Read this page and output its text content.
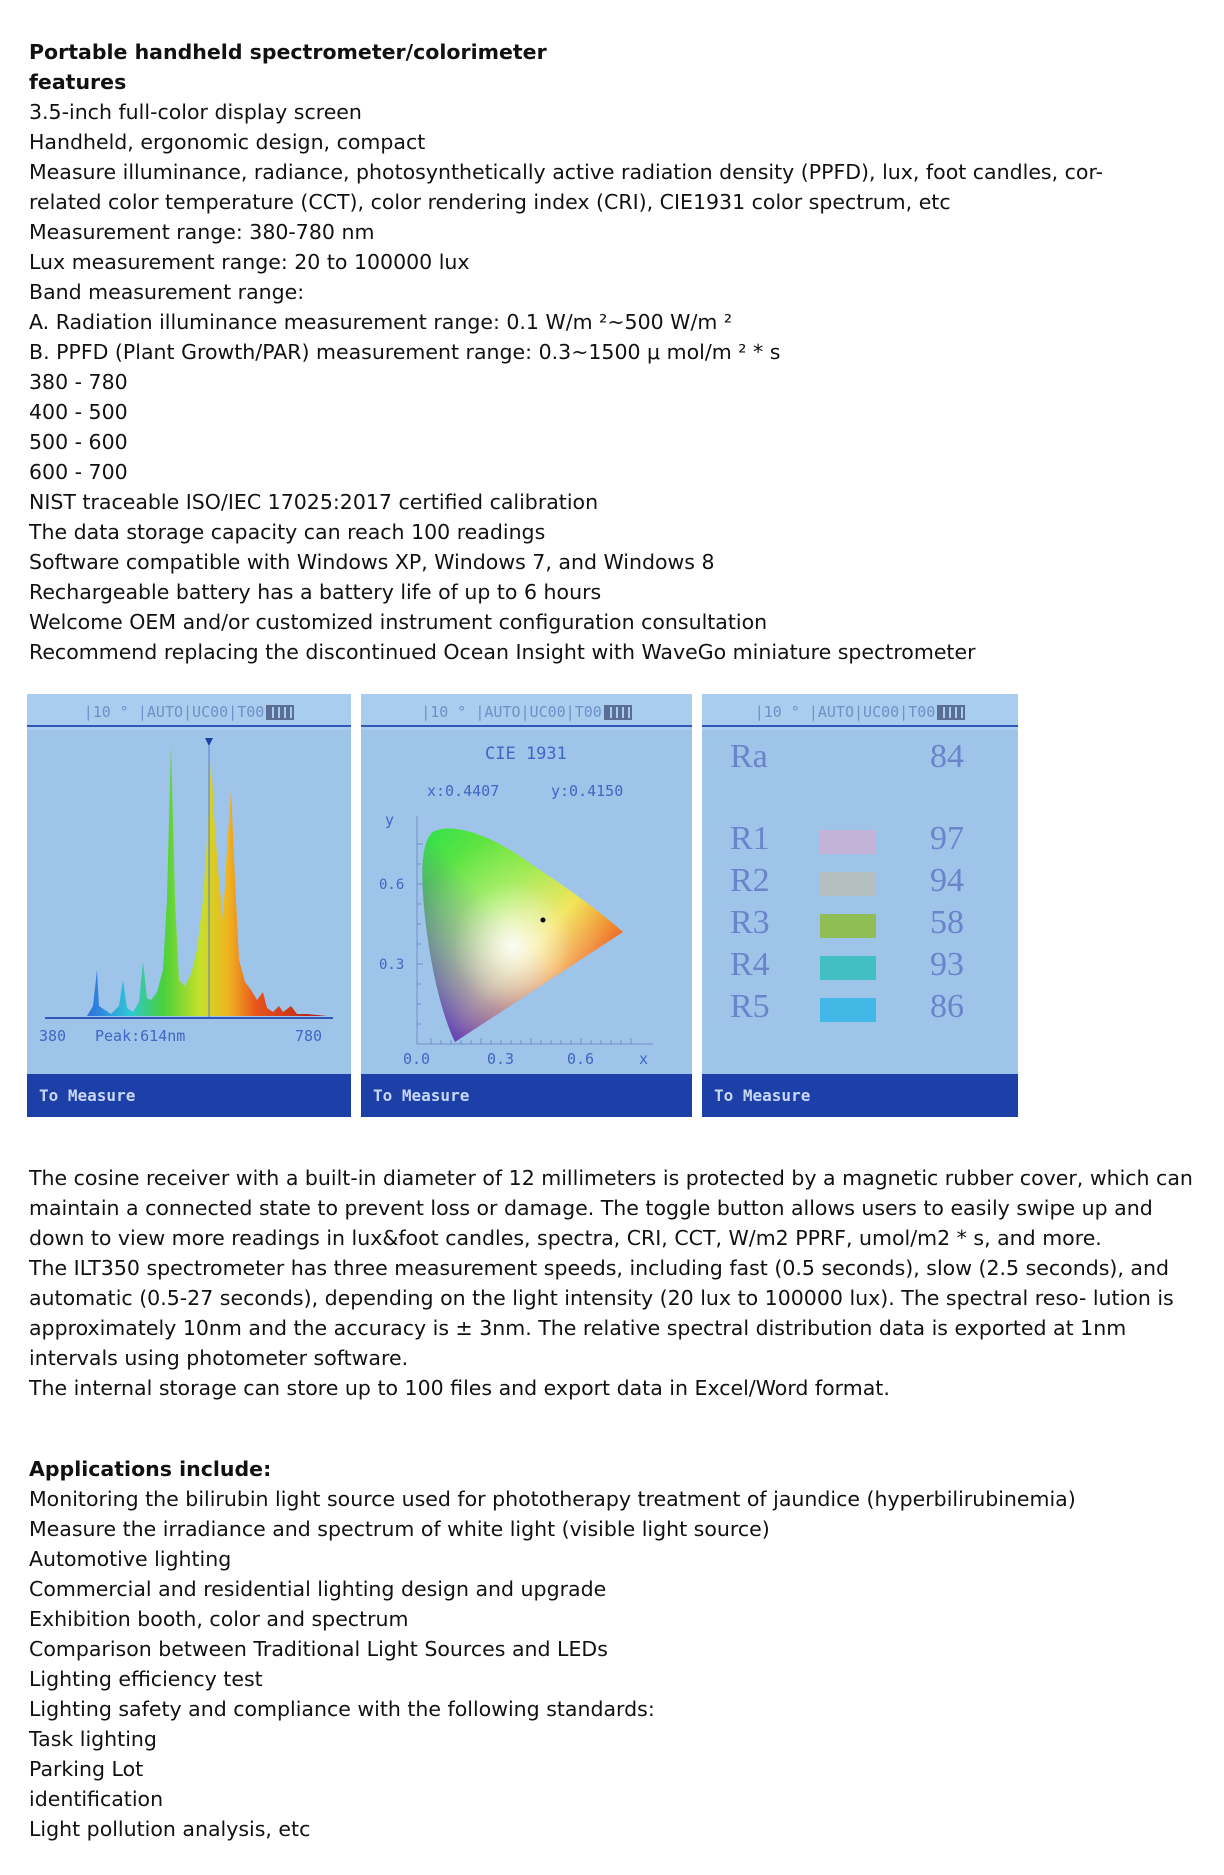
Portable handheld spectrometer/colorimeter
features
3.5-inch full-color display screen
Handheld, ergonomic design, compact
Measure illuminance, radiance, photosynthetically active radiation density (PPFD), lux, foot candles, cor-
related color temperature (CCT), color rendering index (CRI), CIE1931 color spectrum, etc
Measurement range: 380-780 nm
Lux measurement range: 20 to 100000 lux
Band measurement range:
A. Radiation illuminance measurement range: 0.1 W/m ²~500 W/m ²
B. PPFD (Plant Growth/PAR) measurement range: 0.3~1500 μ mol/m ² * s
380 - 780
400 - 500
500 - 600
600 - 700
NIST traceable ISO/IEC 17025:2017 certified calibration
The data storage capacity can reach 100 readings
Software compatible with Windows XP, Windows 7, and Windows 8
Rechargeable battery has a battery life of up to 6 hours
Welcome OEM and/or customized instrument configuration consultation
Recommend replacing the discontinued Ocean Insight with WaveGo miniature spectrometer
|10 ° |AUTO|UC00|T00
380 Peak:614nm	780
To Measure
|10 ° |AUTO|UC00|T00
CIE 1931
x:0.4407	y:0.4150
y
0.6
0.3
0.0	0.3	0.6	x
To Measure
|10 ° |AUTO|UC00|T00
Ra	84
R1	97
R2	94
R3	58
R4	93
R5	86
To Measure
The cosine receiver with a built-in diameter of 12 millimeters is protected by a magnetic rubber cover, which can maintain a connected state to prevent loss or damage. The toggle button allows users to easily swipe up and down to view more readings in lux&foot candles, spectra, CRI, CCT, W/m2 PPRF, umol/m2 * s, and more.
The ILT350 spectrometer has three measurement speeds, including fast (0.5 seconds), slow (2.5 seconds), and automatic (0.5-27 seconds), depending on the light intensity (20 lux to 100000 lux). The spectral reso- lution is approximately 10nm and the accuracy is ± 3nm. The relative spectral distribution data is exported at 1nm intervals using photometer software.
The internal storage can store up to 100 files and export data in Excel/Word format.
Applications include:
Monitoring the bilirubin light source used for phototherapy treatment of jaundice (hyperbilirubinemia)
Measure the irradiance and spectrum of white light (visible light source)
Automotive lighting
Commercial and residential lighting design and upgrade
Exhibition booth, color and spectrum
Comparison between Traditional Light Sources and LEDs
Lighting efficiency test
Lighting safety and compliance with the following standards:
Task lighting
Parking Lot
identification
Light pollution analysis, etc
